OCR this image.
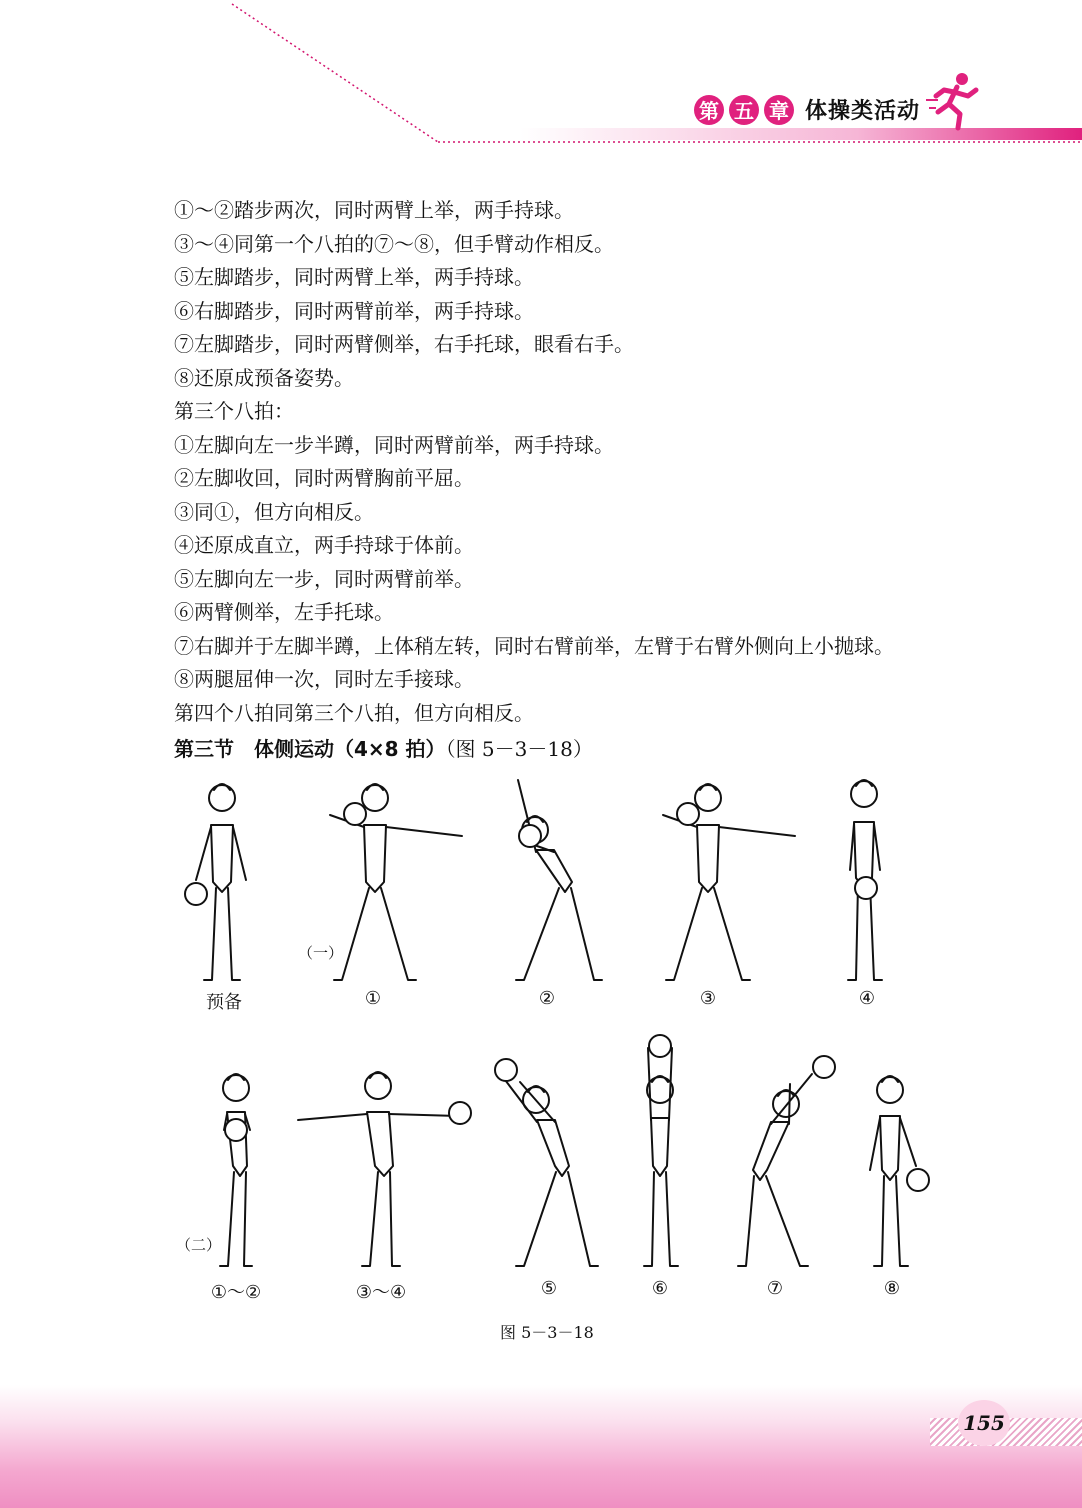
第 五 章 体操类活动

①～②踏步两次，同时两臂上举，两手持球。

③～④同第一个八拍的⑦～⑧，但手臂动作相反。

⑤左脚踏步，同时两臂上举，两手持球。

⑥右脚踏步，同时两臂前举，两手持球。

⑦左脚踏步，同时两臂侧举，右手托球，眼看右手。

⑧还原成预备姿势。

第三个八拍：

①左脚向左一步半蹲，同时两臂前举，两手持球。

②左脚收回，同时两臂胸前平屈。

③同①，但方向相反。

④还原成直立，两手持球于体前。

⑤左脚向左一步，同时两臂前举。

⑥两臂侧举，左手托球。

⑦右脚并于左脚半蹲，上体稍左转，同时右臂前举，左臂于右臂外侧向上小抛球。

⑧两腿屈伸一次，同时左手接球。

第四个八拍同第三个八拍，但方向相反。

第三节　体侧运动（4×8 拍）（图 5－3－18）
（一）
（二）
预备	①	②	③	④
①～②	③～④	⑤	⑥	⑦	⑧
图 5－3－18
155
